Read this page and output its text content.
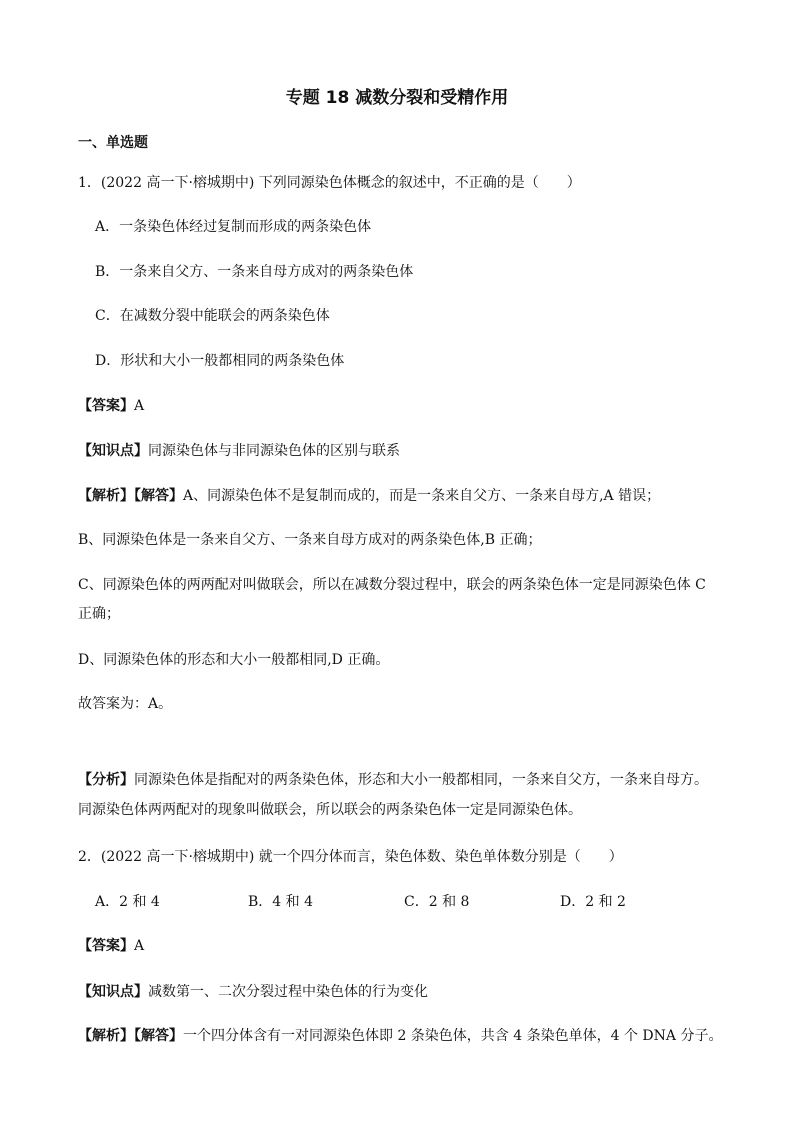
专题 18 减数分裂和受精作用
一、单选题
1．(2022 高一下·榕城期中) 下列同源染色体概念的叙述中，不正确的是（　　）
A．一条染色体经过复制而形成的两条染色体
B．一条来自父方、一条来自母方成对的两条染色体
C．在减数分裂中能联会的两条染色体
D．形状和大小一般都相同的两条染色体
【答案】A
【知识点】同源染色体与非同源染色体的区别与联系
【解析】【解答】A、同源染色体不是复制而成的，而是一条来自父方、一条来自母方,A 错误；
B、同源染色体是一条来自父方、一条来自母方成对的两条染色体,B 正确；
C、同源染色体的两两配对叫做联会，所以在减数分裂过程中，联会的两条染色体一定是同源染色体 C
正确；
D、同源染色体的形态和大小一般都相同,D 正确。
故答案为：A。
【分析】同源染色体是指配对的两条染色体，形态和大小一般都相同，一条来自父方，一条来自母方。
同源染色体两两配对的现象叫做联会，所以联会的两条染色体一定是同源染色体。
2．(2022 高一下·榕城期中) 就一个四分体而言，染色体数、染色单体数分别是（　　）
A．2 和 4	B．4 和 4	C．2 和 8	D．2 和 2
【答案】A
【知识点】减数第一、二次分裂过程中染色体的行为变化
【解析】【解答】一个四分体含有一对同源染色体即 2 条染色体，共含 4 条染色单体，4 个 DNA 分子。
